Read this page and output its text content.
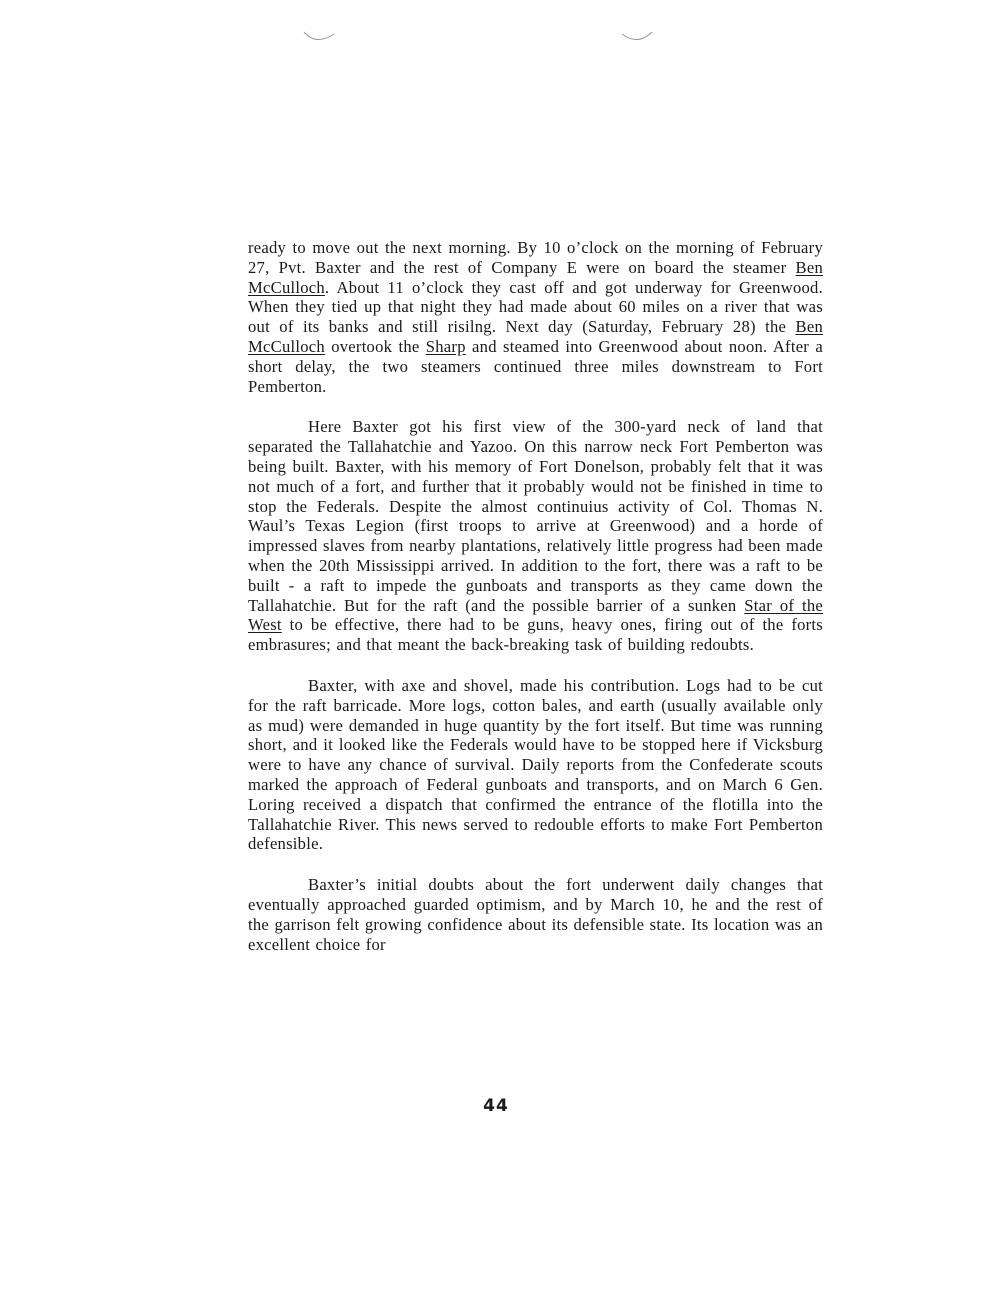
ready to move out the next morning. By 10 o’clock on the morning of February 27, Pvt. Baxter and the rest of Company E were on board the steamer Ben McCulloch. About 11 o’clock they cast off and got underway for Greenwood. When they tied up that night they had made about 60 miles on a river that was out of its banks and still risilng. Next day (Saturday, February 28) the Ben McCulloch overtook the Sharp and steamed into Greenwood about noon. After a short delay, the two steamers continued three miles downstream to Fort Pemberton.

Here Baxter got his first view of the 300-yard neck of land that separated the Tallahatchie and Yazoo. On this narrow neck Fort Pemberton was being built. Baxter, with his memory of Fort Donelson, probably felt that it was not much of a fort, and further that it probably would not be finished in time to stop the Federals. Despite the almost continuius activity of Col. Thomas N. Waul’s Texas Legion (first troops to arrive at Greenwood) and a horde of impressed slaves from nearby plantations, relatively little progress had been made when the 20th Mississippi arrived. In addition to the fort, there was a raft to be built - a raft to impede the gunboats and transports as they came down the Tallahatchie. But for the raft (and the possible barrier of a sunken Star of the West to be effective, there had to be guns, heavy ones, firing out of the forts embrasures; and that meant the back-breaking task of building redoubts.

Baxter, with axe and shovel, made his contribution. Logs had to be cut for the raft barricade. More logs, cotton bales, and earth (usually available only as mud) were demanded in huge quantity by the fort itself. But time was running short, and it looked like the Federals would have to be stopped here if Vicksburg were to have any chance of survival. Daily reports from the Confederate scouts marked the approach of Federal gunboats and transports, and on March 6 Gen. Loring received a dispatch that confirmed the entrance of the flotilla into the Tallahatchie River. This news served to redouble efforts to make Fort Pemberton defensible.

Baxter’s initial doubts about the fort underwent daily changes that eventually approached guarded optimism, and by March 10, he and the rest of the garrison felt growing confidence about its defensible state. Its location was an excellent choice for

44
